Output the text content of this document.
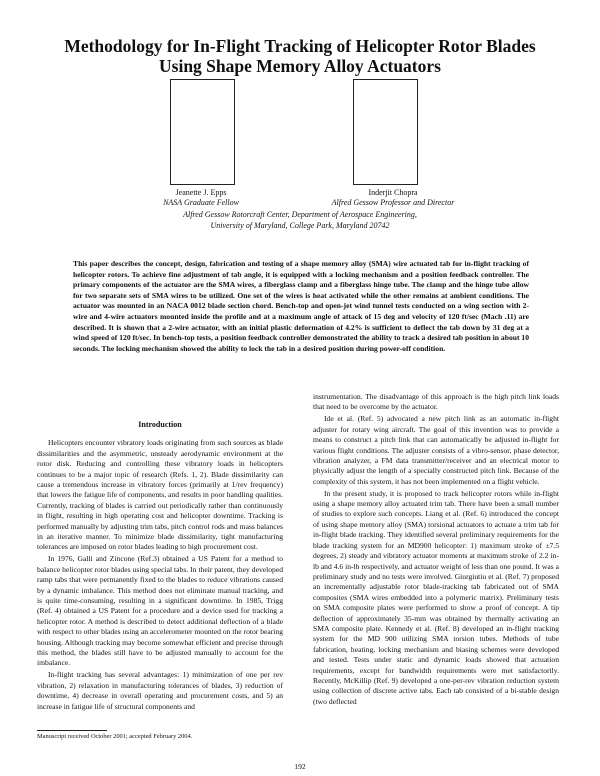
Methodology for In-Flight Tracking of Helicopter Rotor Blades
Using Shape Memory Alloy Actuators
Jeanette J. Epps
NASA Graduate Fellow
Inderjit Chopra
Alfred Gessow Professor and Director
Alfred Gessow Rotorcraft Center, Department of Aerospace Engineering,
University of Maryland, College Park, Maryland 20742

This paper describes the concept, design, fabrication and testing of a shape memory alloy (SMA) wire actuated tab for in-flight tracking of helicopter rotors. To achieve fine adjustment of tab angle, it is equipped with a locking mechanism and a position feedback controller. The primary components of the actuator are the SMA wires, a fiberglass clamp and a fiberglass hinge tube. The clamp and the hinge tube allow for two separate sets of SMA wires to be utilized. One set of the wires is heat activated while the other remains at ambient conditions. The actuator was mounted in an NACA 0012 blade section chord. Bench-top and open-jet wind tunnel tests conducted on a wing section with 2-wire and 4-wire actuators mounted inside the profile and at a maximum angle of attack of 15 deg and velocity of 120 ft/sec (Mach .11) are described. It is shown that a 2-wire actuator, with an initial plastic deformation of 4.2% is sufficient to deflect the tab down by 31 deg at a wind speed of 120 ft/sec. In bench-top tests, a position feedback controller demonstrated the ability to track a desired tab position in about 10 seconds. The locking mechanism showed the ability to lock the tab in a desired position during power-off condition.

Introduction

Helicopters encounter vibratory loads originating from such sources as blade dissimilarities and the asymmetric, unsteady aerodynamic environment at the rotor disk. Reducing and controlling these vibratory loads in helicopters continues to be a major topic of research (Refs. 1, 2). Blade dissimilarity can cause a tremendous increase in vibratory forces (primarily at 1/rev frequency) that lowers the fatigue life of components, and results in poor handling qualities. Currently, tracking of blades is carried out periodically rather than continuously in flight, resulting in high operating cost and helicopter downtime. Tracking is performed manually by adjusting trim tabs, pitch control rods and mass balances in an iterative manner. To minimize blade dissimilarity, tight manufacturing tolerances are imposed on rotor blades leading to high procurement cost.

In 1976, Galli and Zincone (Ref.3) obtained a US Patent for a method to balance helicopter rotor blades using special tabs. In their patent, they developed ramp tabs that were permanently fixed to the blades to reduce vibrations caused by a dynamic imbalance. This method does not eliminate manual tracking, and is quite time-consuming, resulting in a significant downtime. In 1985, Trigg (Ref. 4) obtained a US Patent for a procedure and a device used for tracking a helicopter rotor. A method is described to detect additional deflection of a blade with respect to other blades using an accelerometer mounted on the rotor bearing housing. Although tracking may become somewhat efficient and precise through this method, the blades still have to be adjusted manually to account for the imbalance.

In-flight tracking has several advantages: 1) minimization of one per rev vibration, 2) relaxation in manufacturing tolerances of blades, 3) reduction of downtime, 4) decrease in overall operating and procurement costs, and 5) an increase in fatigue life of structural components and

instrumentation. The disadvantage of this approach is the high pitch link loads that need to be overcome by the actuator.

Ide et al. (Ref. 5) advocated a new pitch link as an automatic in-flight adjuster for rotary wing aircraft. The goal of this invention was to provide a means to construct a pitch link that can automatically be adjusted in-flight for various flight conditions. The adjuster consists of a vibro-sensor, phase detector, vibration analyzer, a FM data transmitter/receiver and an electrical motor to physically adjust the length of a specially constructed pitch link. Because of the complexity of this system, it has not been implemented on a flight vehicle.

In the present study, it is proposed to track helicopter rotors while in-flight using a shape memory alloy actuated trim tab. There have been a small number of studies to explore such concepts. Liang et al. (Ref. 6) introduced the concept of using shape memory alloy (SMA) torsional actuators to actuate a trim tab for in-flight blade tracking. They identified several preliminary requirements for the blade tracking system for an MD900 helicopter: 1) maximum stroke of ±7.5 degrees, 2) steady and vibratory actuator moments at maximum stroke of 2.2 in-lb and 4.6 in-lb respectively, and actuator weight of less than one pound. It was a preliminary study and no tests were involved. Giurgiutiu et al. (Ref. 7) proposed an incrementally adjustable rotor blade-tracking tab fabricated out of SMA composites (SMA wires embedded into a polymeric matrix). Preliminary tests on SMA composite plates were performed to show a proof of concept. A tip deflection of approximately 35-mm was obtained by thermally activating an SMA composite plate. Kennedy et al. (Ref. 8) developed an in-flight tracking system for the MD 900 utilizing SMA torsion tubes. Methods of tube fabrication, heating, locking mechanism and biasing schemes were developed and tested. Tests under static and dynamic loads showed that actuation requirements, except for bandwidth requirements were met satisfactorily. Recently, McKillip (Ref. 9) developed a one-per-rev vibration reduction system using collection of discrete active tabs. Each tab consisted of a bi-stable design (two deflected

Manuscript received October 2001; accepted February 2004.
192
